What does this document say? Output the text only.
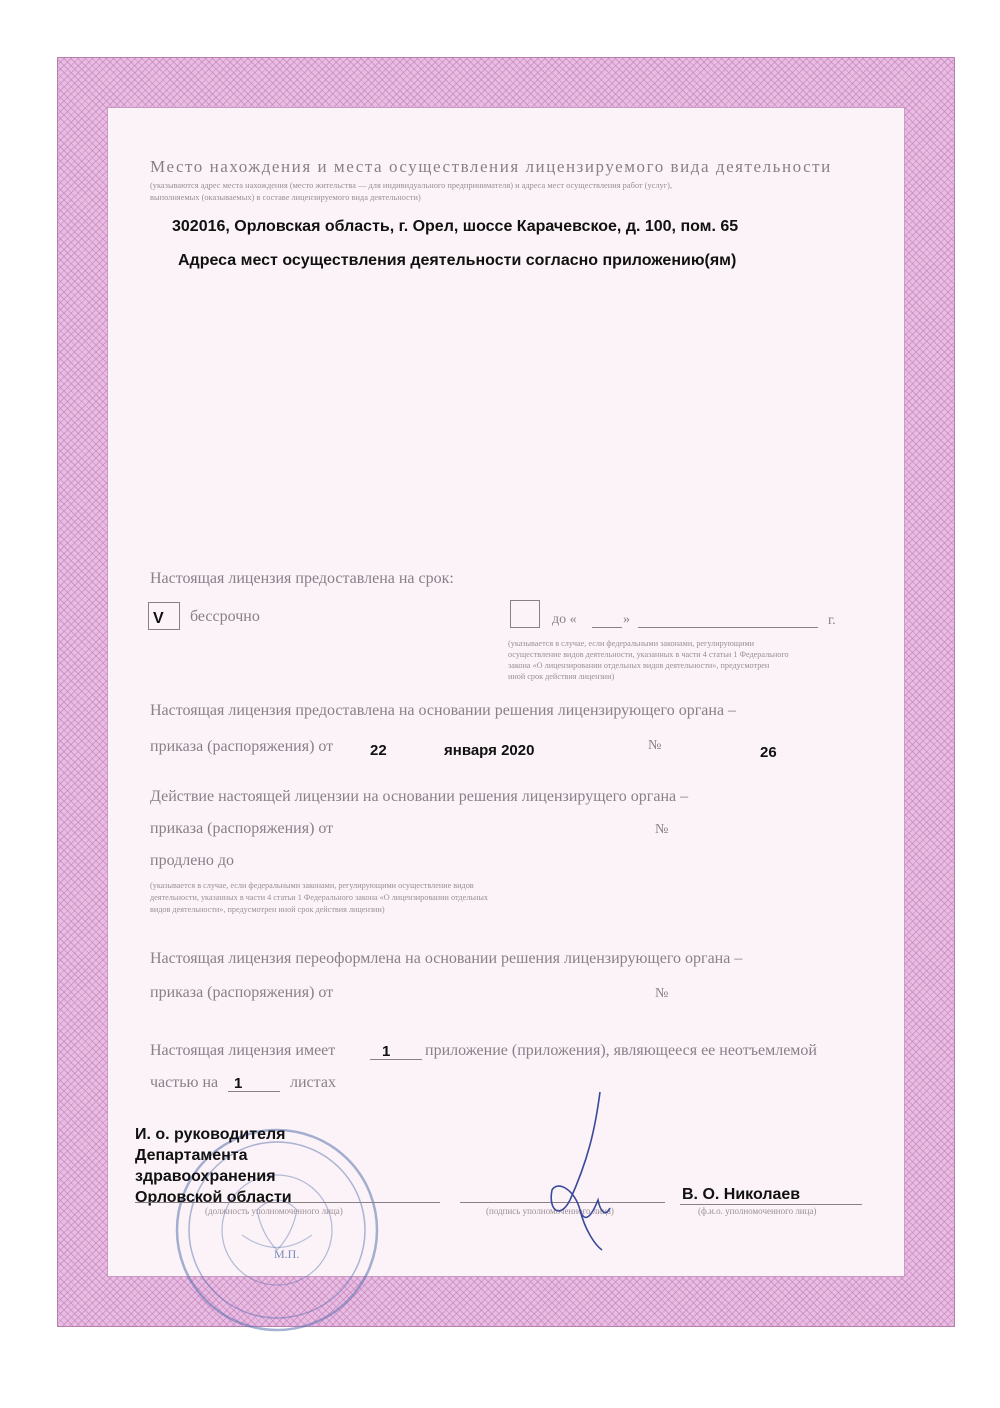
Место нахождения и места осуществления лицензируемого вида деятельности
(указываются адрес места нахождения (место жительства — для индивидуального предпринимателя) и адреса мест осуществления работ (услуг),
выполняемых (оказываемых) в составе лицензируемого вида деятельности)
302016, Орловская область, г. Орел, шоссе Карачевское, д. 100, пом. 65
Адреса мест осуществления деятельности согласно приложению(ям)
Настоящая лицензия предоставлена на срок:
V бессрочно	до «	»	г.
(указывается в случае, если федеральными законами, регулирующими
осуществление видов деятельности, указанных в части 4 статьи 1 Федерального
закона «О лицензировании отдельных видов деятельности», предусмотрен
иной срок действия лицензии)
Настоящая лицензия предоставлена на основании решения лицензирующего органа –
приказа (распоряжения) от 22	января 2020	№	26
Действие настоящей лицензии на основании решения лицензирущего органа –
приказа (распоряжения) от	№
продлено до
(указывается в случае, если федеральными законами, регулирующими осуществление видов
деятельности, указанных в части 4 статьи 1 Федерального закона «О лицензировании отдельных
видов деятельности», предусмотрен иной срок действия лицензии)
Настоящая лицензия переоформлена на основании решения лицензирующего органа –
приказа (распоряжения) от	№
Настоящая лицензия имеет	1 приложение (приложения), являющееся ее неотъемлемой
частью на 1	листах
М.П.
И. о. руководителя
Департамента
здравоохранения
Орловской области
(должность уполномоченного лица)	(подпись уполномоченного лица)
В. О. Николаев
(ф.и.о. уполномоченного лица)
